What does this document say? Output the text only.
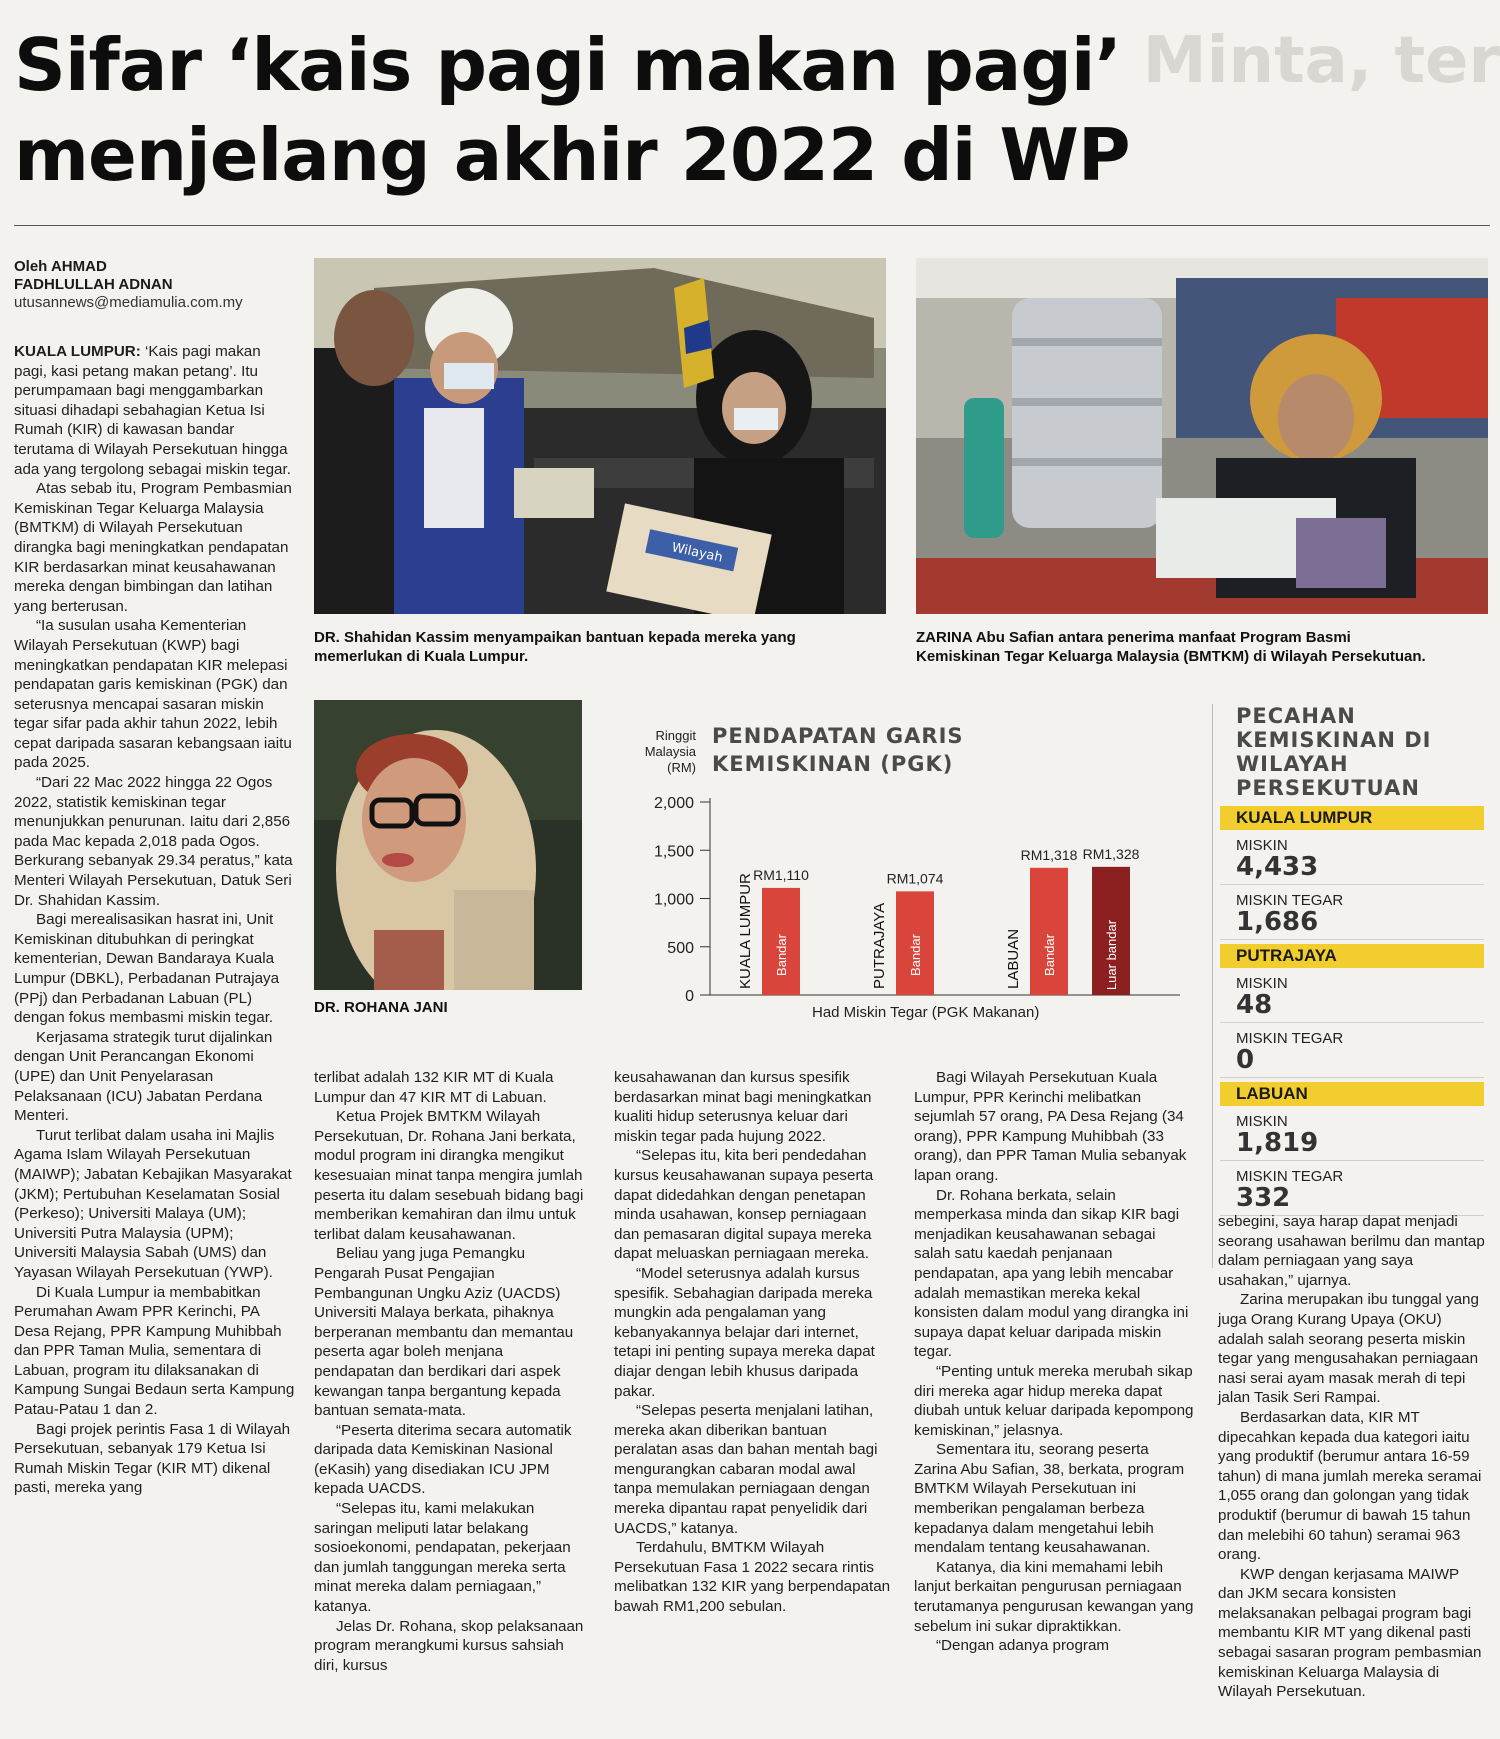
Minta, ter
Sifar ‘kais pagi makan pagi’
menjelang akhir 2022 di WP
Oleh AHMAD
FADHLULLAH ADNAN
utusannews@mediamulia.com.my
Wilayah
DR. Shahidan Kassim menyampaikan bantuan kepada mereka yang memerlukan di Kuala Lumpur.
ZARINA Abu Safian antara penerima manfaat Program Basmi Kemiskinan Tegar Keluarga Malaysia (BMTKM) di Wilayah Persekutuan.
DR. ROHANA JANI
Ringgit Malaysia (RM)
PENDAPATAN GARIS KEMISKINAN (PGK)
0
500
1,000
1,500
2,000
RM1,110
Bandar
RM1,074
Bandar
RM1,318
Bandar
RM1,328
Luar bandar
KUALA LUMPUR	PUTRAJAYA	LABUAN
Had Miskin Tegar (PGK Makanan)
PECAHAN KEMISKINAN DI WILAYAH PERSEKUTUAN
KUALA LUMPUR
MISKIN
4,433
MISKIN TEGAR
1,686
PUTRAJAYA
MISKIN
48
MISKIN TEGAR
0
LABUAN
MISKIN
1,819
MISKIN TEGAR
332

KUALA LUMPUR: ‘Kais pagi makan pagi, kasi petang makan petang’. Itu perumpamaan bagi menggambarkan situasi dihadapi sebahagian Ketua Isi Rumah (KIR) di kawasan bandar terutama di Wilayah Persekutuan hingga ada yang tergolong sebagai miskin tegar.

Atas sebab itu, Program Pembasmian Kemiskinan Tegar Keluarga Malaysia (BMTKM) di Wilayah Persekutuan dirangka bagi meningkatkan pendapatan KIR berdasarkan minat keusahawanan mereka dengan bimbingan dan latihan yang berterusan.

“Ia susulan usaha Kementerian Wilayah Persekutuan (KWP) bagi meningkatkan pendapatan KIR melepasi pendapatan garis kemiskinan (PGK) dan seterusnya mencapai sasaran miskin tegar sifar pada akhir tahun 2022, lebih cepat daripada sasaran kebangsaan iaitu pada 2025.

“Dari 22 Mac 2022 hingga 22 Ogos 2022, statistik kemiskinan tegar menunjukkan penurunan. Iaitu dari 2,856 pada Mac kepada 2,018 pada Ogos. Berkurang sebanyak 29.34 peratus,” kata Menteri Wilayah Persekutuan, Datuk Seri Dr. Shahidan Kassim.

Bagi merealisasikan hasrat ini, Unit Kemiskinan ditubuhkan di peringkat kementerian, Dewan Bandaraya Kuala Lumpur (DBKL), Perbadanan Putrajaya (PPj) dan Perbadanan Labuan (PL) dengan fokus membasmi miskin tegar.

Kerjasama strategik turut dijalinkan dengan Unit Perancangan Ekonomi (UPE) dan Unit Penyelarasan Pelaksanaan (ICU) Jabatan Perdana Menteri.

Turut terlibat dalam usaha ini Majlis Agama Islam Wilayah Persekutuan (MAIWP); Jabatan Kebajikan Masyarakat (JKM); Pertubuhan Keselamatan Sosial (Perkeso); Universiti Malaya (UM); Universiti Putra Malaysia (UPM); Universiti Malaysia Sabah (UMS) dan Yayasan Wilayah Persekutuan (YWP).

Di Kuala Lumpur ia membabitkan Perumahan Awam PPR Kerinchi, PA Desa Rejang, PPR Kampung Muhibbah dan PPR Taman Mulia, sementara di Labuan, program itu dilaksanakan di Kampung Sungai Bedaun serta Kampung Patau-Patau 1 dan 2.

Bagi projek perintis Fasa 1 di Wilayah Persekutuan, sebanyak 179 Ketua Isi Rumah Miskin Tegar (KIR MT) dikenal pasti, mereka yang

terlibat adalah 132 KIR MT di Kuala Lumpur dan 47 KIR MT di Labuan.

Ketua Projek BMTKM Wilayah Persekutuan, Dr. Rohana Jani berkata, modul program ini dirangka mengikut kesesuaian minat tanpa mengira jumlah peserta itu dalam sesebuah bidang bagi memberikan kemahiran dan ilmu untuk terlibat dalam keusahawanan.

Beliau yang juga Pemangku Pengarah Pusat Pengajian Pembangunan Ungku Aziz (UACDS) Universiti Malaya berkata, pihaknya berperanan membantu dan memantau peserta agar boleh menjana pendapatan dan berdikari dari aspek kewangan tanpa bergantung kepada bantuan semata-mata.

“Peserta diterima secara automatik daripada data Kemiskinan Nasional (eKasih) yang disediakan ICU JPM kepada UACDS.

“Selepas itu, kami melakukan saringan meliputi latar belakang sosioekonomi, pendapatan, pekerjaan dan jumlah tanggungan mereka serta minat mereka dalam perniagaan,” katanya.

Jelas Dr. Rohana, skop pelaksanaan program merangkumi kursus sahsiah diri, kursus

keusahawanan dan kursus spesifik berdasarkan minat bagi meningkatkan kualiti hidup seterusnya keluar dari miskin tegar pada hujung 2022.

“Selepas itu, kita beri pendedahan kursus keusahawanan supaya peserta dapat didedahkan dengan penetapan minda usahawan, konsep perniagaan dan pemasaran digital supaya mereka dapat meluaskan perniagaan mereka.

“Model seterusnya adalah kursus spesifik. Sebahagian daripada mereka mungkin ada pengalaman yang kebanyakannya belajar dari internet, tetapi ini penting supaya mereka dapat diajar dengan lebih khusus daripada pakar.

“Selepas peserta menjalani latihan, mereka akan diberikan bantuan peralatan asas dan bahan mentah bagi mengurangkan cabaran modal awal tanpa memulakan perniagaan dengan mereka dipantau rapat penyelidik dari UACDS,” katanya.

Terdahulu, BMTKM Wilayah Persekutuan Fasa 1 2022 secara rintis melibatkan 132 KIR yang berpendapatan bawah RM1,200 sebulan.

Bagi Wilayah Persekutuan Kuala Lumpur, PPR Kerinchi melibatkan sejumlah 57 orang, PA Desa Rejang (34 orang), PPR Kampung Muhibbah (33 orang), dan PPR Taman Mulia sebanyak lapan orang.

Dr. Rohana berkata, selain memperkasa minda dan sikap KIR bagi menjadikan keusahawanan sebagai salah satu kaedah penjanaan pendapatan, apa yang lebih mencabar adalah memastikan mereka kekal konsisten dalam modul yang dirangka ini supaya dapat keluar daripada miskin tegar.

“Penting untuk mereka merubah sikap diri mereka agar hidup mereka dapat diubah untuk keluar daripada kepompong kemiskinan,” jelasnya.

Sementara itu, seorang peserta Zarina Abu Safian, 38, berkata, program BMTKM Wilayah Persekutuan ini memberikan pengalaman berbeza kepadanya dalam mengetahui lebih mendalam tentang keusahawanan.

Katanya, dia kini memahami lebih lanjut berkaitan pengurusan perniagaan terutamanya pengurusan kewangan yang sebelum ini sukar dipraktikkan.

“Dengan adanya program

sebegini, saya harap dapat menjadi seorang usahawan berilmu dan mantap dalam perniagaan yang saya usahakan,” ujarnya.

Zarina merupakan ibu tunggal yang juga Orang Kurang Upaya (OKU) adalah salah seorang peserta miskin tegar yang mengusahakan perniagaan nasi serai ayam masak merah di tepi jalan Tasik Seri Rampai.

Berdasarkan data, KIR MT dipecahkan kepada dua kategori iaitu yang produktif (berumur antara 16-59 tahun) di mana jumlah mereka seramai 1,055 orang dan golongan yang tidak produktif (berumur di bawah 15 tahun dan melebihi 60 tahun) seramai 963 orang.

KWP dengan kerjasama MAIWP dan JKM secara konsisten melaksanakan pelbagai program bagi membantu KIR MT yang dikenal pasti sebagai sasaran program pembasmian kemiskinan Keluarga Malaysia di Wilayah Persekutuan.
